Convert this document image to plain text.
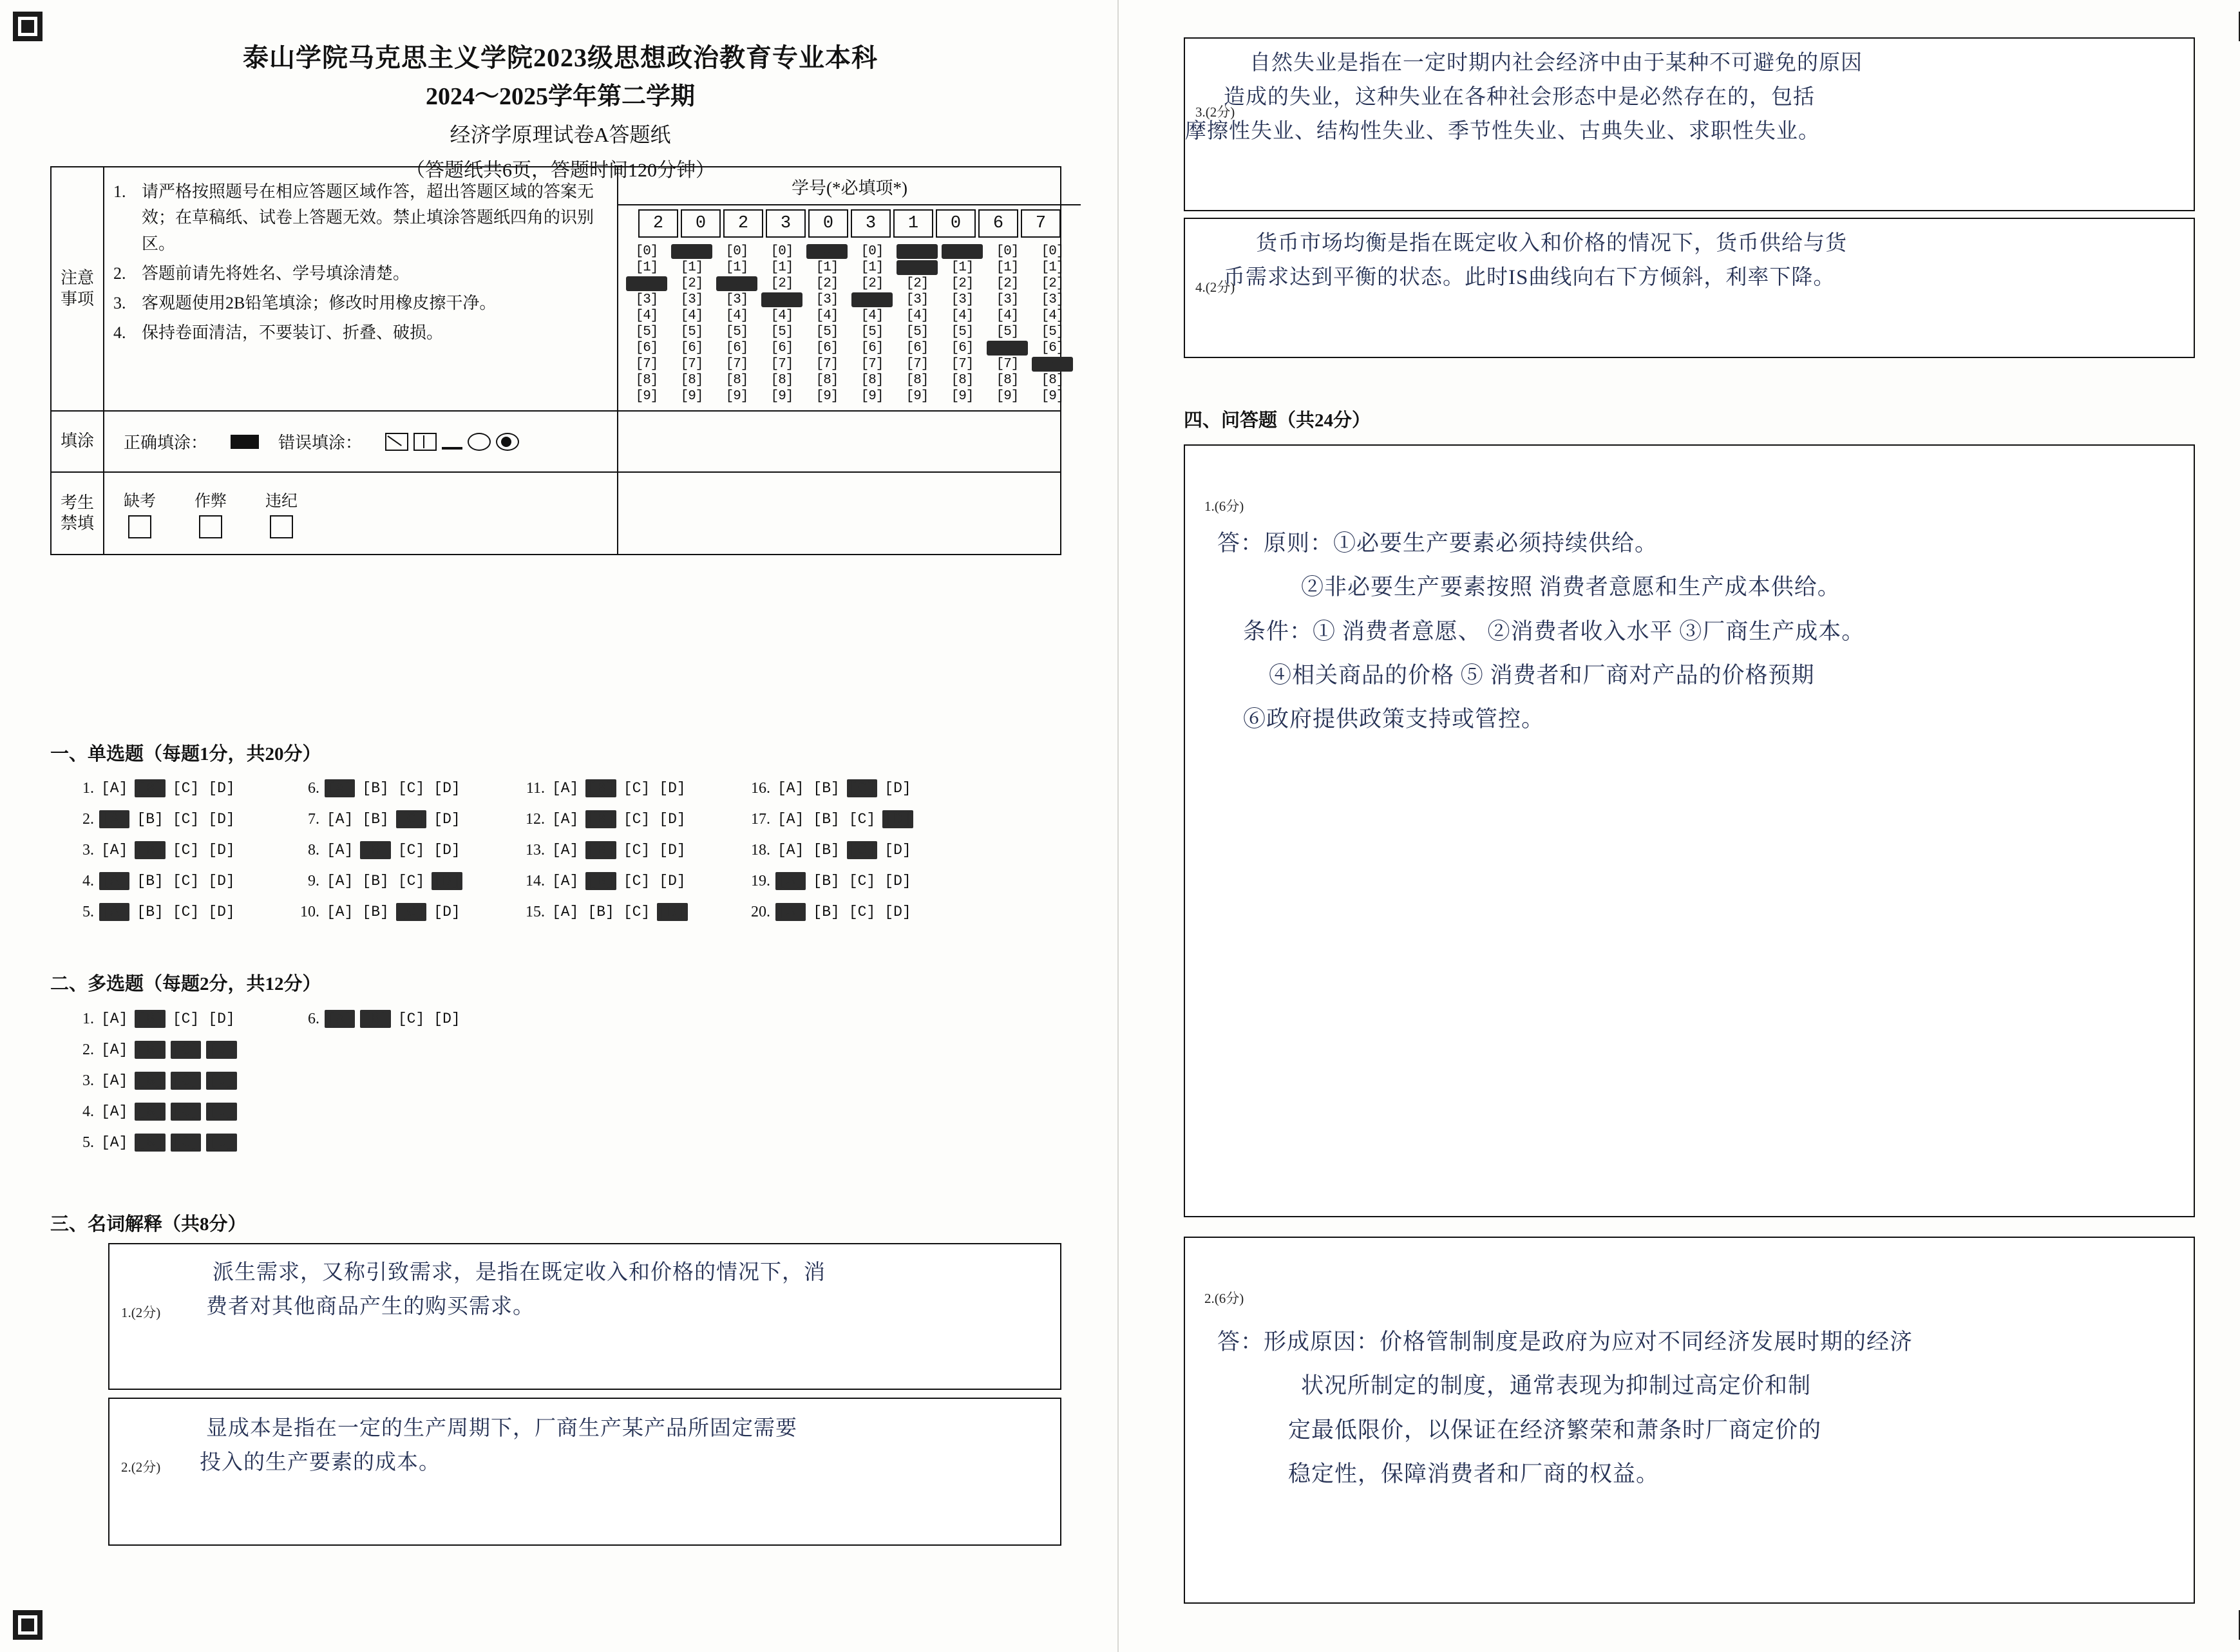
泰山学院马克思主义学院2023级思想政治教育专业本科
2024～2025学年第二学期
经济学原理试卷A答题纸
（答题纸共6页，答题时间120分钟）
注意事项
1. 请严格按照题号在相应答题区域作答，超出答题区域的答案无效；在草稿纸、试卷上答题无效。禁止填涂答题纸四角的识别区。
2. 答题前请先将姓名、学号填涂清楚。
3. 客观题使用2B铅笔填涂；修改时用橡皮擦干净。
4. 保持卷面清洁，不要装订、折叠、破损。
学号(*必填项*)
2	0	2	3	0	3	1	0	6	7
[0]	[0]	[0]	[0]	[0]	[0]	[0]	[0]	[0]	[0]
[1]	[1]	[1]	[1]	[1]	[1]	[1]	[1]	[1]	[1]
[2]	[2]	[2]	[2]	[2]	[2]	[2]	[2]	[2]	[2]
[3]	[3]	[3]	[3]	[3]	[3]	[3]	[3]	[3]	[3]
[4]	[4]	[4]	[4]	[4]	[4]	[4]	[4]	[4]	[4]
[5]	[5]	[5]	[5]	[5]	[5]	[5]	[5]	[5]	[5]
[6]	[6]	[6]	[6]	[6]	[6]	[6]	[6]	[6]	[6]
[7]	[7]	[7]	[7]	[7]	[7]	[7]	[7]	[7]	[7]
[8]	[8]	[8]	[8]	[8]	[8]	[8]	[8]	[8]	[8]
[9]	[9]	[9]	[9]	[9]	[9]	[9]	[9]	[9]	[9]
填涂	正确填涂：	错误填涂：
考生禁填
缺考 作弊 违纪
一、单选题（每题1分，共20分）
1. [A] [B] [C] [D]	6. [A] [B] [C] [D]	11. [A] [B] [C] [D]	16. [A] [B] [C] [D]
2. [A] [B] [C] [D]	7. [A] [B] [C] [D]	12. [A] [B] [C] [D]	17. [A] [B] [C] [D]
3. [A] [B] [C] [D]	8. [A] [B] [C] [D]	13. [A] [B] [C] [D]	18. [A] [B] [C] [D]
4. [A] [B] [C] [D]	9. [A] [B] [C] [D]	14. [A] [B] [C] [D]	19. [A] [B] [C] [D]
5. [A] [B] [C] [D]	10. [A] [B] [C] [D]	15. [A] [B] [C] [D]	20. [A] [B] [C] [D]
二、多选题（每题2分，共12分）
1. [A] [B] [C] [D]	6. [A] [B] [C] [D]
2. [A] [B] [C] [D]
3. [A] [B] [C] [D]
4. [A] [B] [C] [D]
5. [A] [B] [C] [D]
三、名词解释（共8分）
1.(2分)
派生需求，又称引致需求，是指在既定收入和价格的情况下，消
费者对其他商品产生的购买需求。
2.(2分)
显成本是指在一定的生产周期下，厂商生产某产品所固定需要
投入的生产要素的成本。
3.(2分)
自然失业是指在一定时期内社会经济中由于某种不可避免的原因
造成的失业，这种失业在各种社会形态中是必然存在的，包括
摩擦性失业、结构性失业、季节性失业、古典失业、求职性失业。
4.(2分)
货币市场均衡是指在既定收入和价格的情况下，货币供给与货
币需求达到平衡的状态。此时IS曲线向右下方倾斜，利率下降。
四、问答题（共24分）
1.(6分)
答：原则：①必要生产要素必须持续供给。
②非必要生产要素按照 消费者意愿和生产成本供给。
条件：① 消费者意愿、 ②消费者收入水平 ③厂商生产成本。
④相关商品的价格 ⑤ 消费者和厂商对产品的价格预期
⑥政府提供政策支持或管控。
2.(6分)
答：形成原因：价格管制制度是政府为应对不同经济发展时期的经济
状况所制定的制度，通常表现为抑制过高定价和制
定最低限价，以保证在经济繁荣和萧条时厂商定价的
稳定性，保障消费者和厂商的权益。
